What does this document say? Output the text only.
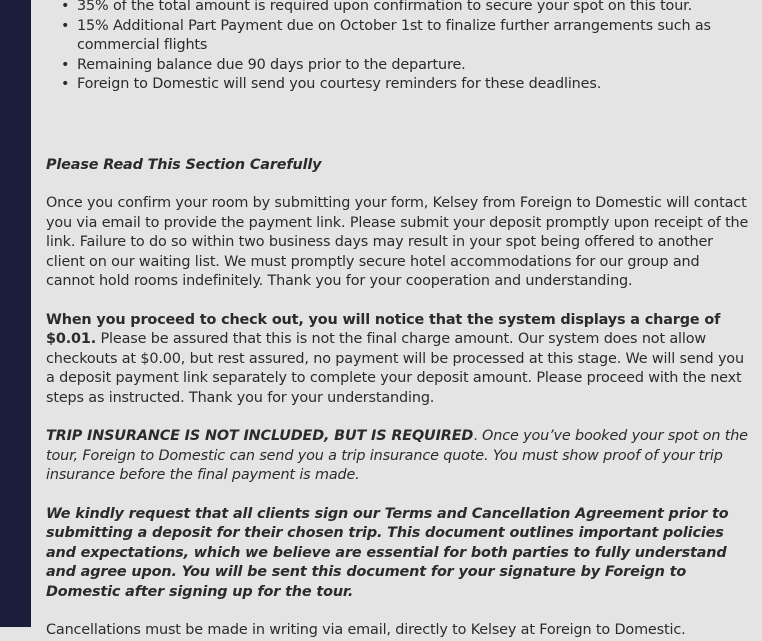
• 35% of the total amount is required upon confirmation to secure your spot on this tour.
• 15% Additional Part Payment due on October 1st to finalize further arrangements such as commercial flights
• Remaining balance due 90 days prior to the departure.
• Foreign to Domestic will send you courtesy reminders for these deadlines.

Please Read This Section Carefully

Once you confirm your room by submitting your form, Kelsey from Foreign to Domestic will contact you via email to provide the payment link. Please submit your deposit promptly upon receipt of the link. Failure to do so within two business days may result in your spot being offered to another client on our waiting list. We must promptly secure hotel accommodations for our group and cannot hold rooms indefinitely. Thank you for your cooperation and understanding.

When you proceed to check out, you will notice that the system displays a charge of $0.01. Please be assured that this is not the final charge amount. Our system does not allow checkouts at $0.00, but rest assured, no payment will be processed at this stage. We will send you a deposit payment link separately to complete your deposit amount. Please proceed with the next steps as instructed. Thank you for your understanding.

TRIP INSURANCE IS NOT INCLUDED, BUT IS REQUIRED. Once you’ve booked your spot on the tour, Foreign to Domestic can send you a trip insurance quote. You must show proof of your trip insurance before the final payment is made.

We kindly request that all clients sign our Terms and Cancellation Agreement prior to submitting a deposit for their chosen trip. This document outlines important policies and expectations, which we believe are essential for both parties to fully understand and agree upon. You will be sent this document for your signature by Foreign to Domestic after signing up for the tour.

Cancellations must be made in writing via email, directly to Kelsey at Foreign to Domestic.
